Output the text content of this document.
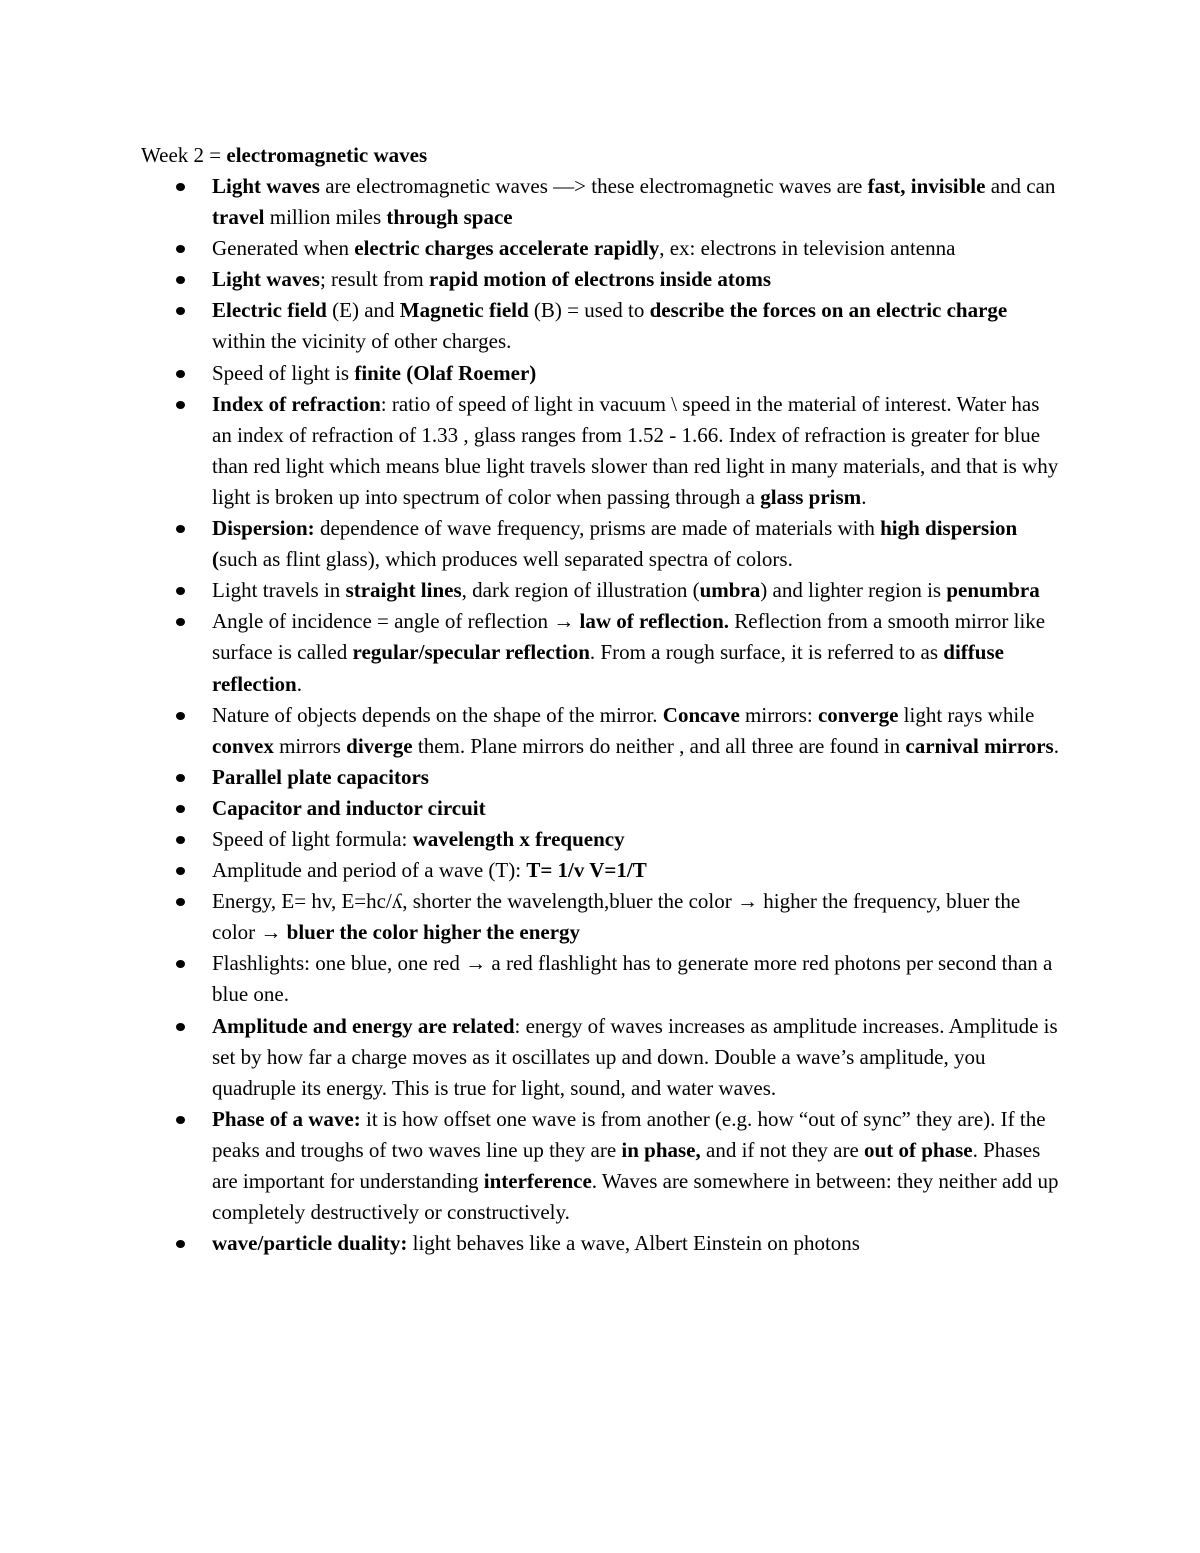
Week 2 = electromagnetic waves
Light waves are electromagnetic waves —> these electromagnetic waves are fast, invisible and can travel million miles through space
Generated when electric charges accelerate rapidly, ex: electrons in television antenna
Light waves; result from rapid motion of electrons inside atoms
Electric field (E) and Magnetic field (B) = used to describe the forces on an electric charge within the vicinity of other charges.
Speed of light is finite (Olaf Roemer)
Index of refraction: ratio of speed of light in vacuum \ speed in the material of interest. Water has an index of refraction of 1.33 , glass ranges from 1.52 - 1.66. Index of refraction is greater for blue than red light which means blue light travels slower than red light in many materials, and that is why light is broken up into spectrum of color when passing through a glass prism.
Dispersion: dependence of wave frequency, prisms are made of materials with high dispersion (such as flint glass), which produces well separated spectra of colors.
Light travels in straight lines, dark region of illustration (umbra) and lighter region is penumbra
Angle of incidence = angle of reflection → law of reflection. Reflection from a smooth mirror like surface is called regular/specular reflection. From a rough surface, it is referred to as diffuse reflection.
Nature of objects depends on the shape of the mirror. Concave mirrors: converge light rays while convex mirrors diverge them. Plane mirrors do neither , and all three are found in carnival mirrors.
Parallel plate capacitors
Capacitor and inductor circuit
Speed of light formula: wavelength x frequency
Amplitude and period of a wave (T): T= 1/v V=1/T
Energy, E= hv, E=hc/ʎ, shorter the wavelength,bluer the color → higher the frequency, bluer the color → bluer the color higher the energy
Flashlights: one blue, one red → a red flashlight has to generate more red photons per second than a blue one.
Amplitude and energy are related: energy of waves increases as amplitude increases. Amplitude is set by how far a charge moves as it oscillates up and down. Double a wave’s amplitude, you quadruple its energy. This is true for light, sound, and water waves.
Phase of a wave: it is how offset one wave is from another (e.g. how “out of sync” they are). If the peaks and troughs of two waves line up they are in phase, and if not they are out of phase. Phases are important for understanding interference. Waves are somewhere in between: they neither add up completely destructively or constructively.
wave/particle duality: light behaves like a wave, Albert Einstein on photons
